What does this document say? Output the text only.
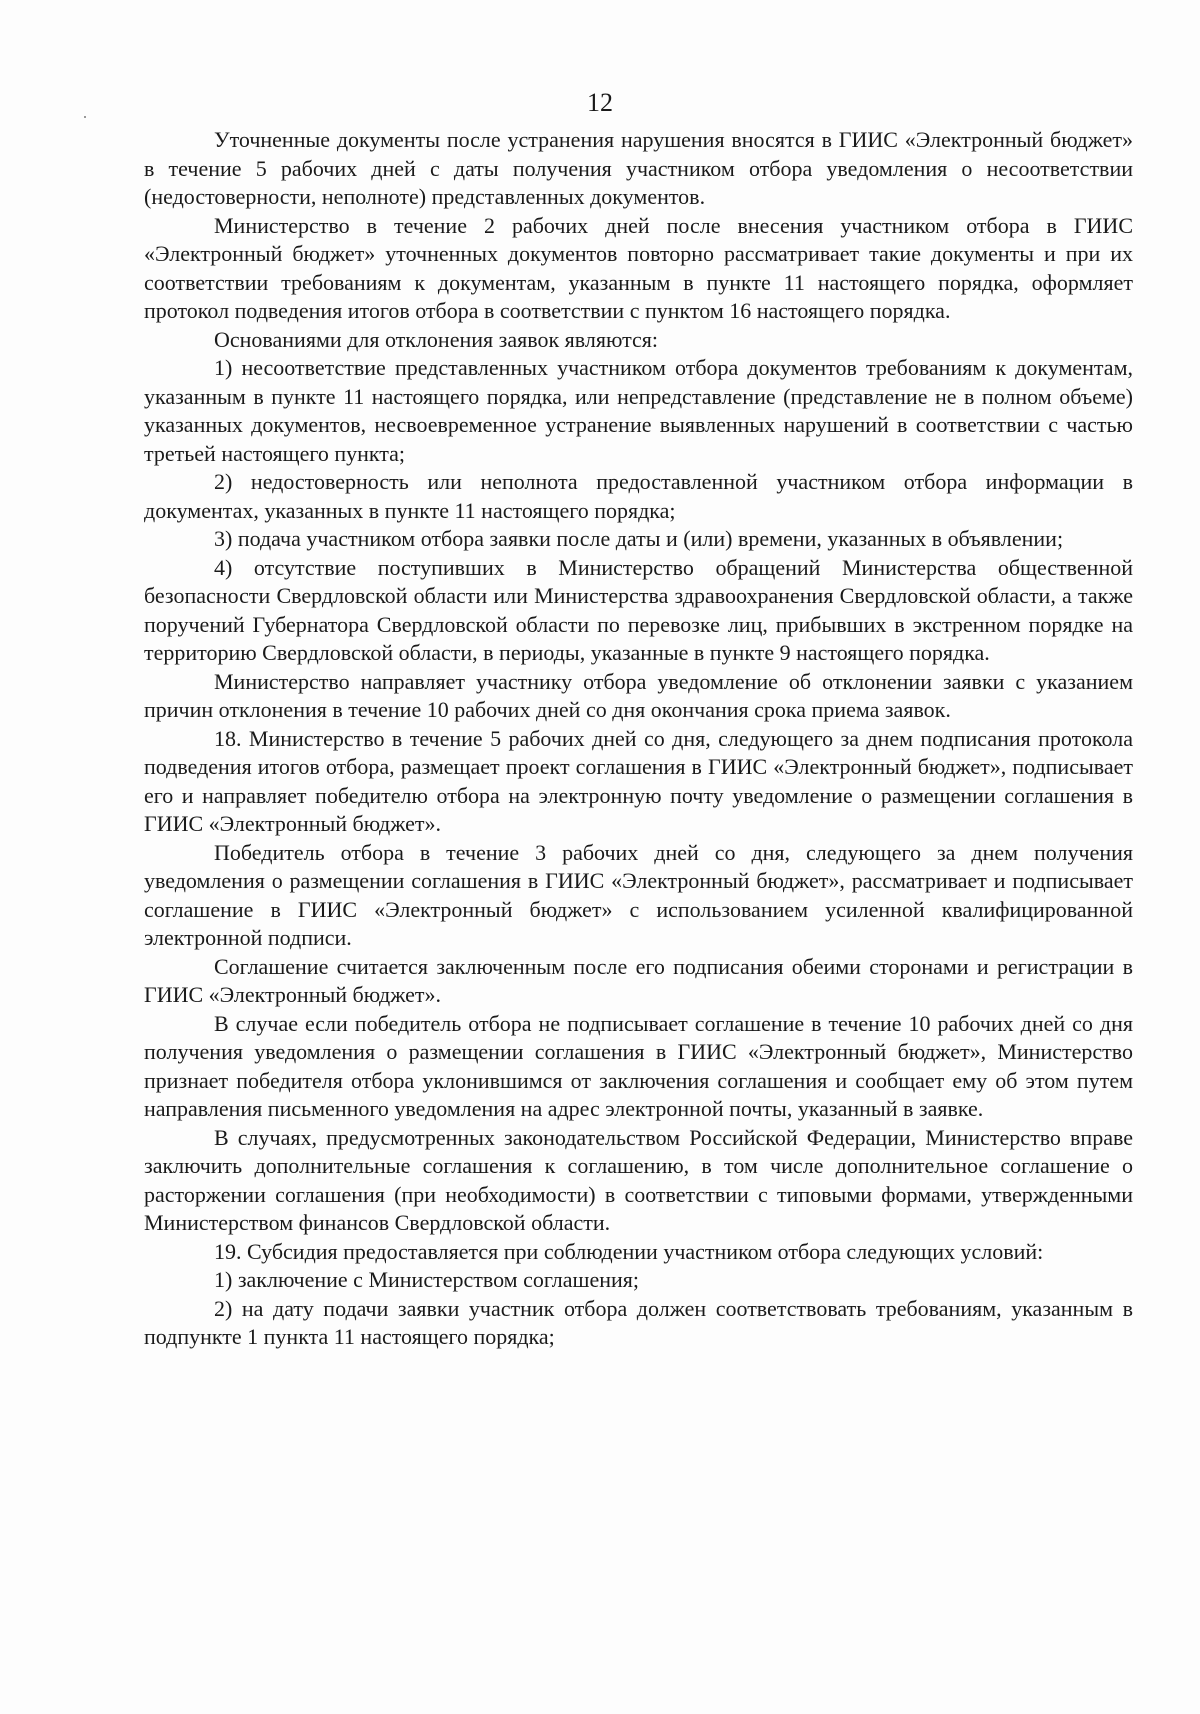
12

Уточненные документы после устранения нарушения вносятся в ГИИС «Электронный бюджет» в течение 5 рабочих дней с даты получения участником отбора уведомления о несоответствии (недостоверности, неполноте) представленных документов.

Министерство в течение 2 рабочих дней после внесения участником отбора в ГИИС «Электронный бюджет» уточненных документов повторно рассматривает такие документы и при их соответствии требованиям к документам, указанным в пункте 11 настоящего порядка, оформляет протокол подведения итогов отбора в соответствии с пунктом 16 настоящего порядка.

Основаниями для отклонения заявок являются:

1) несоответствие представленных участником отбора документов требованиям к документам, указанным в пункте 11 настоящего порядка, или непредставление (представление не в полном объеме) указанных документов, несвоевременное устранение выявленных нарушений в соответствии с частью третьей настоящего пункта;

2) недостоверность или неполнота предоставленной участником отбора информации в документах, указанных в пункте 11 настоящего порядка;

3) подача участником отбора заявки после даты и (или) времени, указанных в объявлении;

4) отсутствие поступивших в Министерство обращений Министерства общественной безопасности Свердловской области или Министерства здравоохранения Свердловской области, а также поручений Губернатора Свердловской области по перевозке лиц, прибывших в экстренном порядке на территорию Свердловской области, в периоды, указанные в пункте 9 настоящего порядка.

Министерство направляет участнику отбора уведомление об отклонении заявки с указанием причин отклонения в течение 10 рабочих дней со дня окончания срока приема заявок.

18. Министерство в течение 5 рабочих дней со дня, следующего за днем подписания протокола подведения итогов отбора, размещает проект соглашения в ГИИС «Электронный бюджет», подписывает его и направляет победителю отбора на электронную почту уведомление о размещении соглашения в ГИИС «Электронный бюджет».

Победитель отбора в течение 3 рабочих дней со дня, следующего за днем получения уведомления о размещении соглашения в ГИИС «Электронный бюджет», рассматривает и подписывает соглашение в ГИИС «Электронный бюджет» с использованием усиленной квалифицированной электронной подписи.

Соглашение считается заключенным после его подписания обеими сторонами и регистрации в ГИИС «Электронный бюджет».

В случае если победитель отбора не подписывает соглашение в течение 10 рабочих дней со дня получения уведомления о размещении соглашения в ГИИС «Электронный бюджет», Министерство признает победителя отбора уклонившимся от заключения соглашения и сообщает ему об этом путем направления письменного уведомления на адрес электронной почты, указанный в заявке.

В случаях, предусмотренных законодательством Российской Федерации, Министерство вправе заключить дополнительные соглашения к соглашению, в том числе дополнительное соглашение о расторжении соглашения (при необходимости) в соответствии с типовыми формами, утвержденными Министерством финансов Свердловской области.

19. Субсидия предоставляется при соблюдении участником отбора следующих условий:

1) заключение с Министерством соглашения;

2) на дату подачи заявки участник отбора должен соответствовать требованиям, указанным в подпункте 1 пункта 11 настоящего порядка;
